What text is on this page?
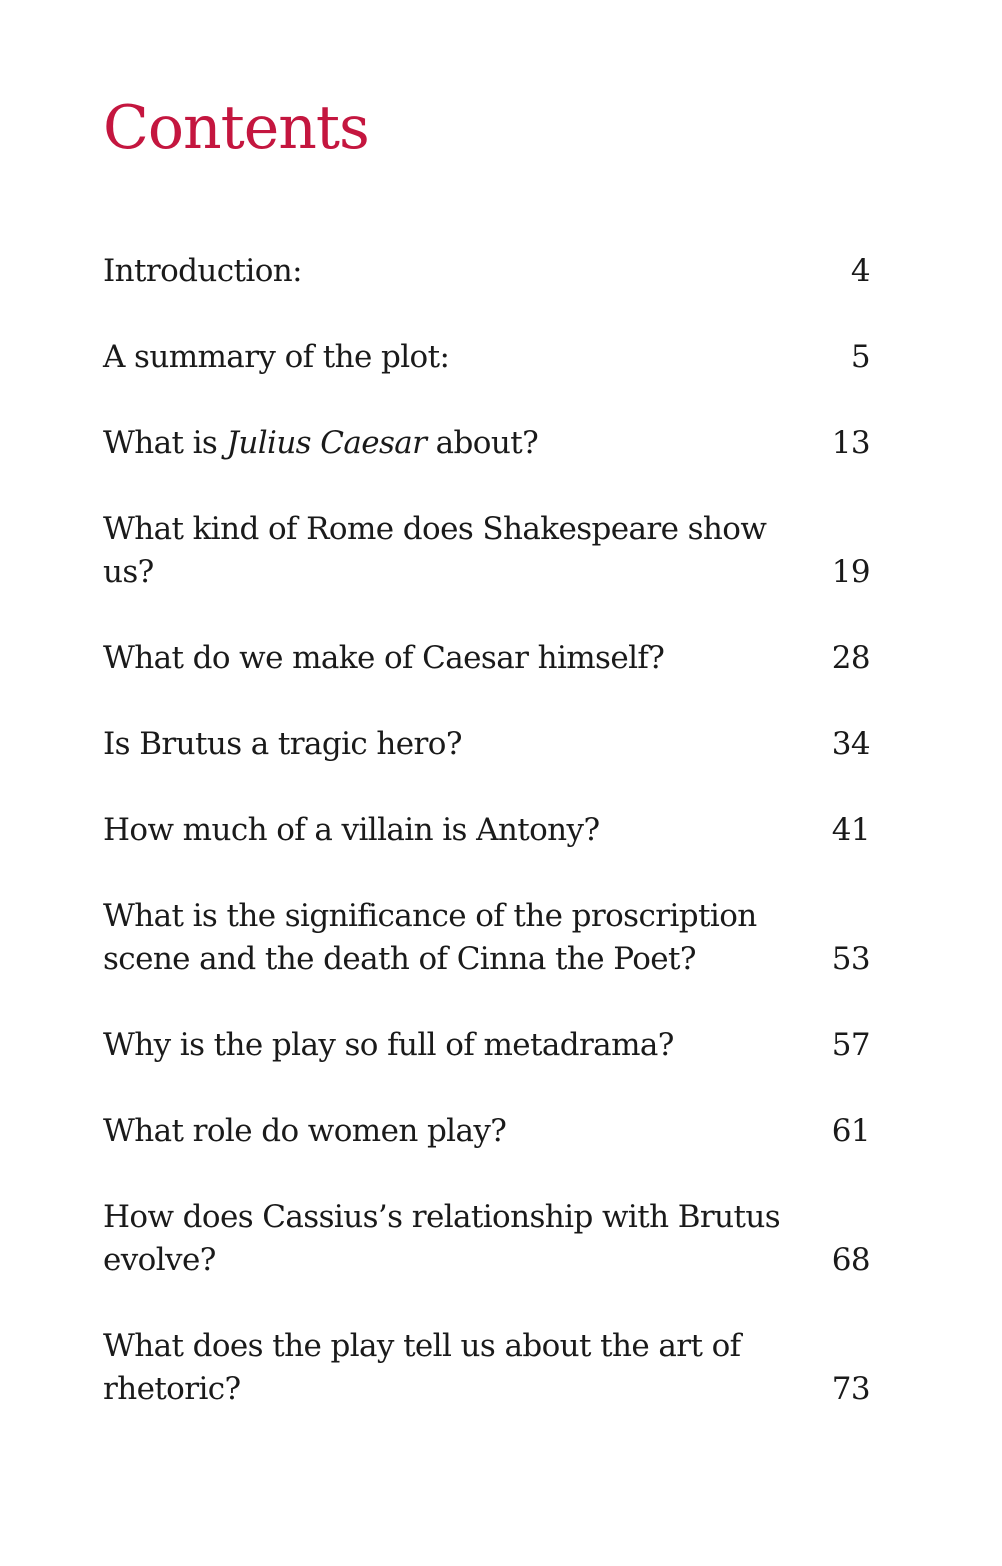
Contents
Introduction:	4
A summary of the plot:	5
What is Julius Caesar about?	13
What kind of Rome does Shakespeare show us?	19
What do we make of Caesar himself?	28
Is Brutus a tragic hero?	34
How much of a villain is Antony?	41
What is the significance of the proscription scene and the death of Cinna the Poet?	53
Why is the play so full of metadrama?	57
What role do women play?	61
How does Cassius’s relationship with Brutus evolve?	68
What does the play tell us about the art of rhetoric?	73
